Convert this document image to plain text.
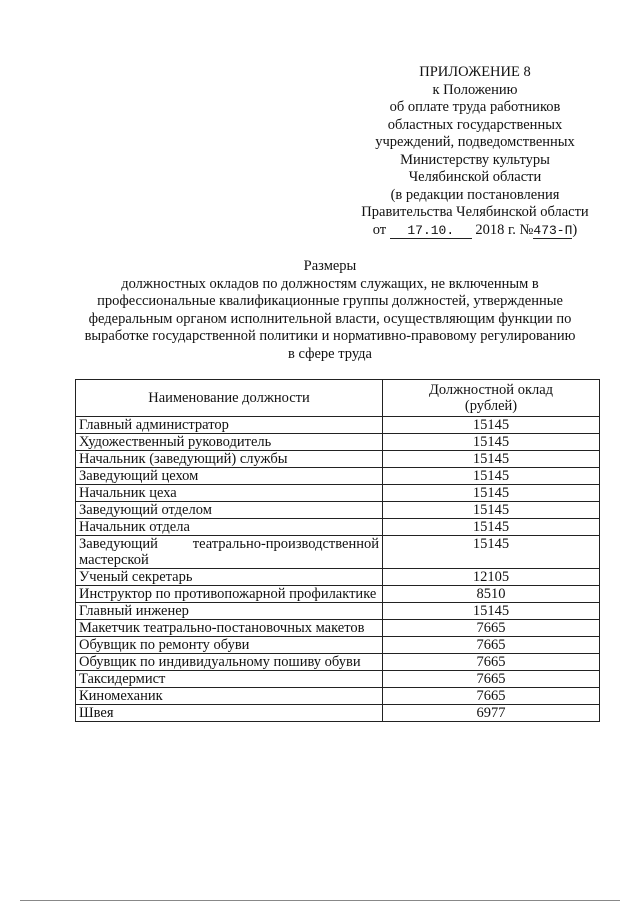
ПРИЛОЖЕНИЕ 8
к Положению
об оплате труда работников
областных государственных
учреждений, подведомственных
Министерству культуры
Челябинской области
(в редакции постановления
Правительства Челябинской области
от 17.10. 2018 г. №473-П)
Размеры
должностных окладов по должностям служащих, не включенным в
профессиональные квалификационные группы должностей, утвержденные
федеральным органом исполнительной власти, осуществляющим функции по
выработке государственной политики и нормативно-правовому регулированию
в сфере труда
Наименование должности	Должностной оклад
(рублей)

Главный администратор	15145
Художественный руководитель	15145
Начальник (заведующий) службы	15145
Заведующий цехом	15145
Начальник цеха	15145
Заведующий отделом	15145
Начальник отдела	15145
Заведующий театрально-производственной мастерской	15145
Ученый секретарь	12105
Инструктор по противопожарной профилактике	8510
Главный инженер	15145
Макетчик театрально-постановочных макетов	7665
Обувщик по ремонту обуви	7665
Обувщик по индивидуальному пошиву обуви	7665
Таксидермист	7665
Киномеханик	7665
Швея	6977
